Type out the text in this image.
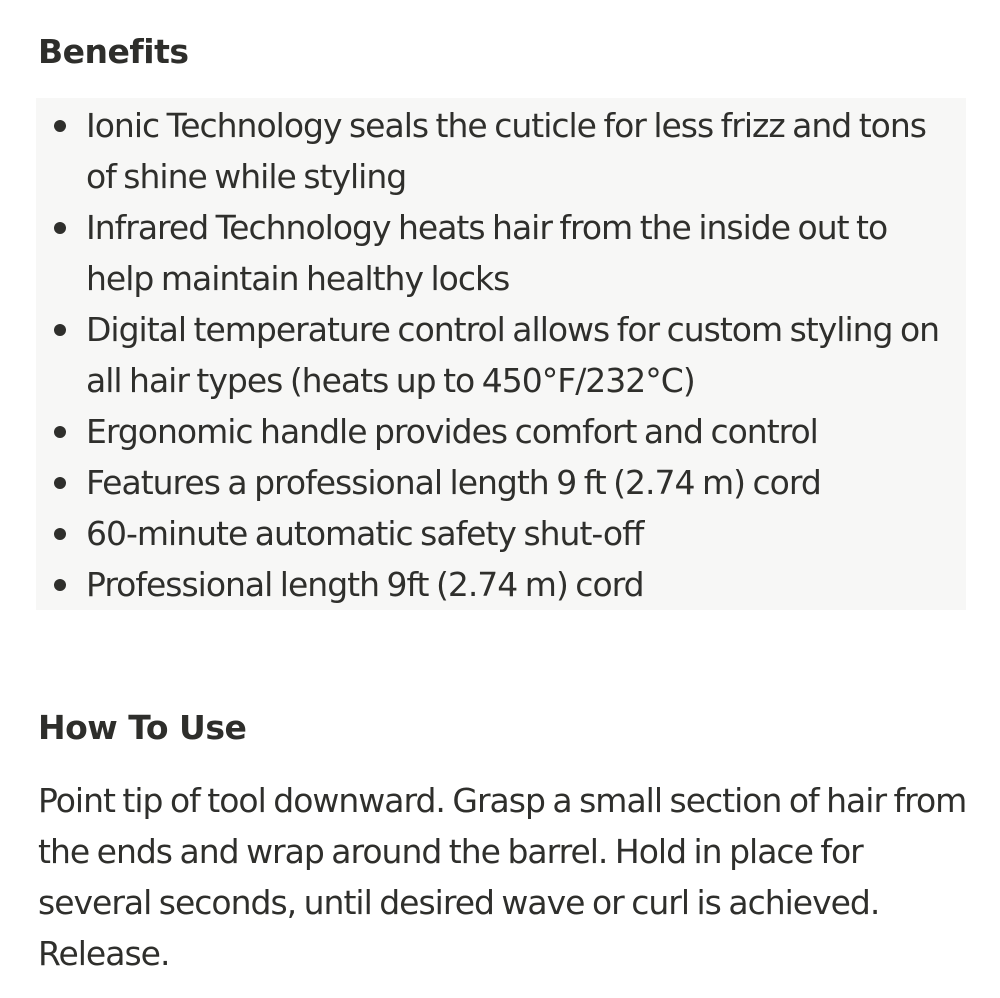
Benefits
Ionic Technology seals the cuticle for less frizz and tons of shine while styling
Infrared Technology heats hair from the inside out to help maintain healthy locks
Digital temperature control allows for custom styling on all hair types (heats up to 450°F/232°C)
Ergonomic handle provides comfort and control
Features a professional length 9 ft (2.74 m) cord
60-minute automatic safety shut-off
Professional length 9ft (2.74 m) cord
How To Use

Point tip of tool downward. Grasp a small section of hair from the ends and wrap around the barrel. Hold in place for several seconds, until desired wave or curl is achieved. Release.
